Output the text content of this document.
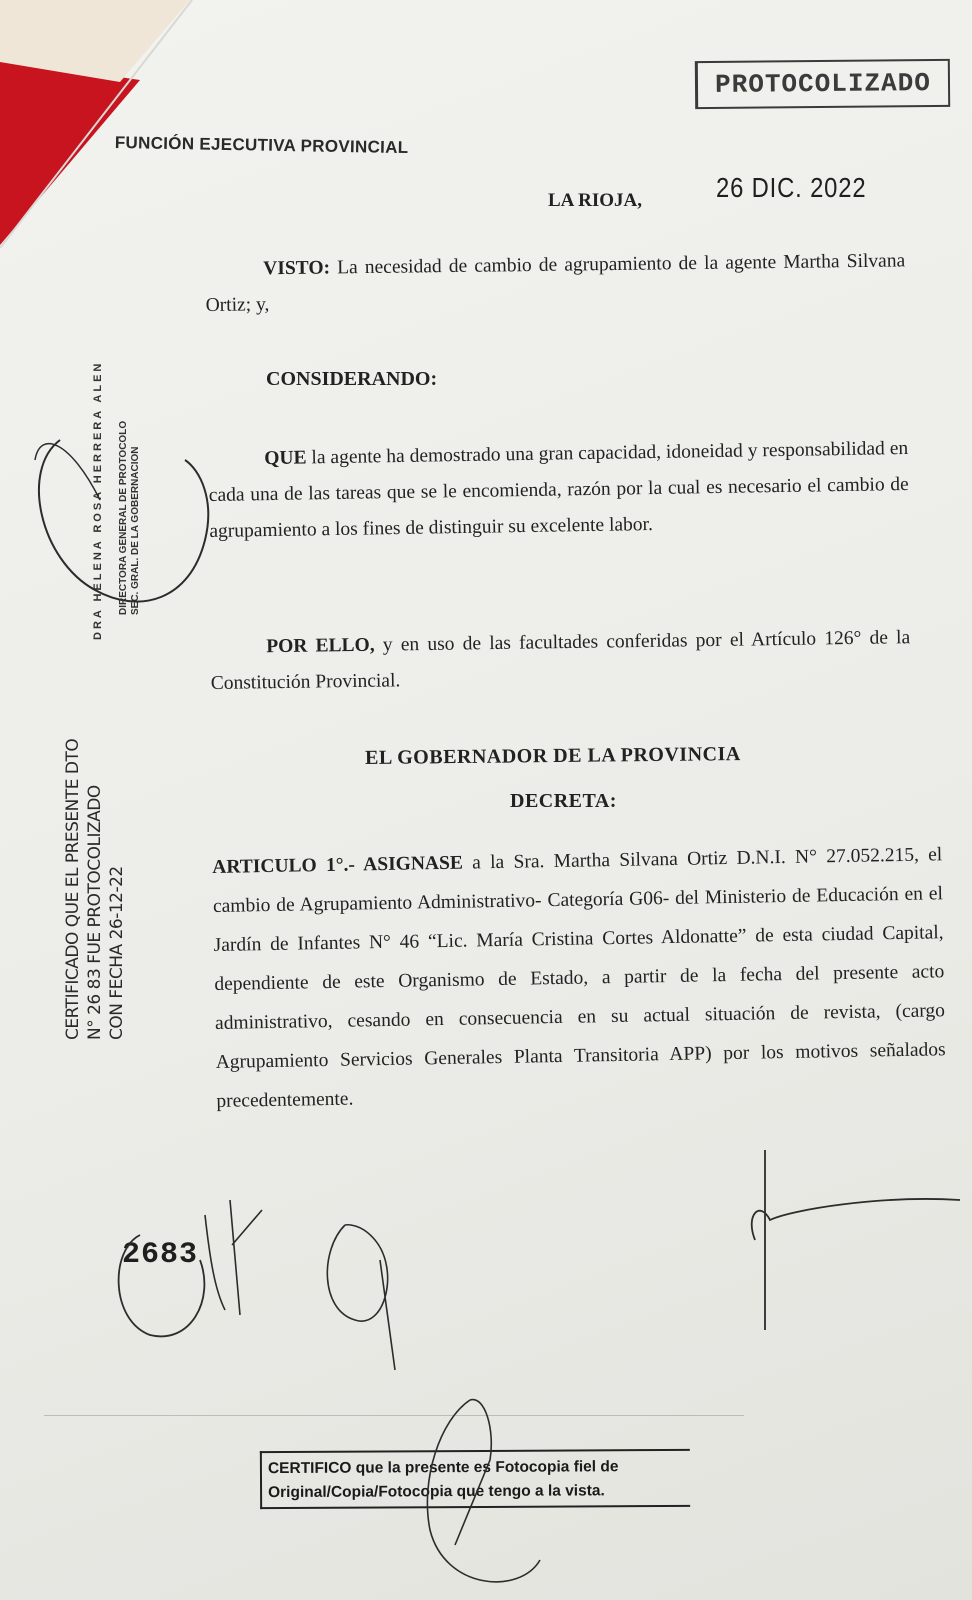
FUNCIÓN EJECUTIVA PROVINCIAL
PROTOCOLIZADO
LA RIOJA,	26 DIC. 2022
VISTO: La necesidad de cambio de agrupamiento de la agente Martha Silvana Ortiz; y,
CONSIDERANDO:
QUE la agente ha demostrado una gran capacidad, idoneidad y responsabilidad en cada una de las tareas que se le encomienda, razón por la cual es necesario el cambio de agrupamiento a los fines de distinguir su excelente labor.
POR ELLO, y en uso de las facultades conferidas por el Artículo 126° de la Constitución Provincial.
EL GOBERNADOR DE LA PROVINCIA
DECRETA:
ARTICULO 1°.- ASIGNASE a la Sra. Martha Silvana Ortiz D.N.I. N° 27.052.215, el cambio de Agrupamiento Administrativo- Categoría G06- del Ministerio de Educación en el Jardín de Infantes N° 46 “Lic. María Cristina Cortes Aldonatte” de esta ciudad Capital, dependiente de este Organismo de Estado, a partir de la fecha del presente acto administrativo, cesando en consecuencia en su actual situación de revista, (cargo Agrupamiento Servicios Generales Planta Transitoria APP) por los motivos señalados precedentemente.
DRA HELENA ROSA HERRERA ALEN DIRECTORA GENERAL DE PROTOCOLO SEC. GRAL. DE LA GOBERNACION
CERTIFICADO QUE EL PRESENTE DTO N° 26 83 FUE PROTOCOLIZADO CON FECHA 26-12-22
2683
CERTIFICO que la presente es Fotocopia fiel de
Original/Copia/Fotocopia que tengo a la vista.
